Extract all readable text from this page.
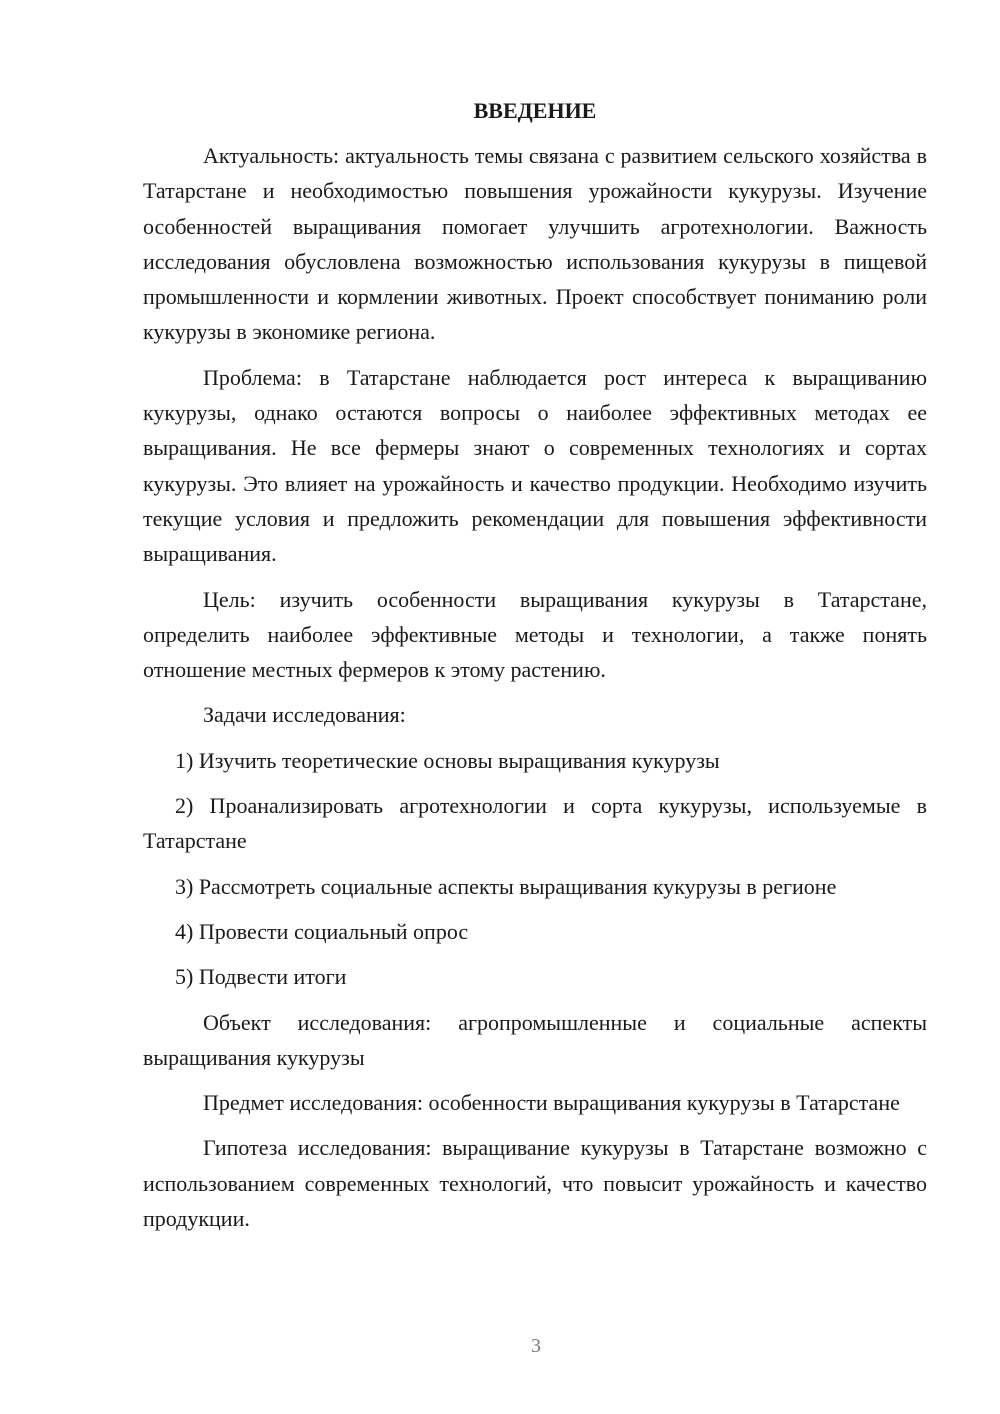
ВВЕДЕНИЕ

Актуальность: актуальность темы связана с развитием сельского хозяйства в Татарстане и необходимостью повышения урожайности кукурузы. Изучение особенностей выращивания помогает улучшить агротехнологии. Важность исследования обусловлена возможностью использования кукурузы в пищевой промышленности и кормлении животных. Проект способствует пониманию роли кукурузы в экономике региона.

Проблема: в Татарстане наблюдается рост интереса к выращиванию кукурузы, однако остаются вопросы о наиболее эффективных методах ее выращивания. Не все фермеры знают о современных технологиях и сортах кукурузы. Это влияет на урожайность и качество продукции. Необходимо изучить текущие условия и предложить рекомендации для повышения эффективности выращивания.

Цель: изучить особенности выращивания кукурузы в Татарстане, определить наиболее эффективные методы и технологии, а также понять отношение местных фермеров к этому растению.

Задачи исследования:

1) Изучить теоретические основы выращивания кукурузы

2) Проанализировать агротехнологии и сорта кукурузы, используемые в Татарстане

3) Рассмотреть социальные аспекты выращивания кукурузы в регионе

4) Провести социальный опрос

5) Подвести итоги

Объект исследования: агропромышленные и социальные аспекты выращивания кукурузы

Предмет исследования: особенности выращивания кукурузы в Татарстане

Гипотеза исследования: выращивание кукурузы в Татарстане возможно с использованием современных технологий, что повысит урожайность и качество продукции.

3
